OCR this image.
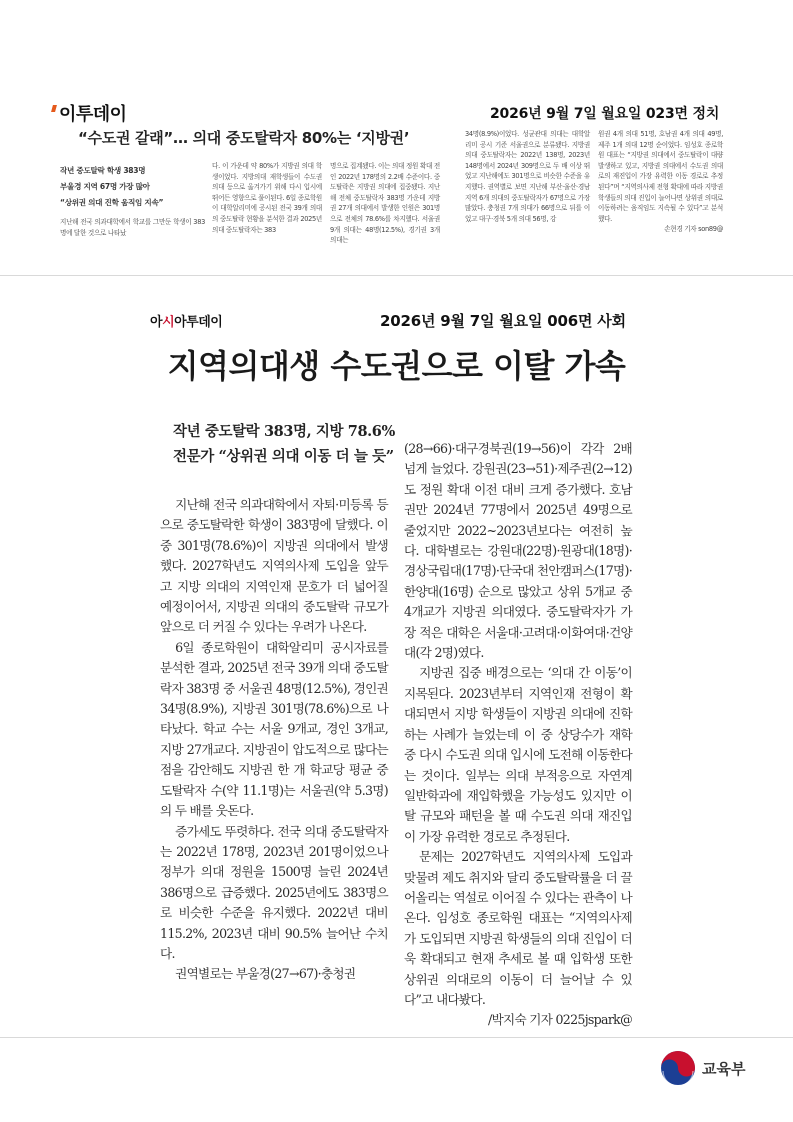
이투데이	2026년 9월 7일 월요일 023면 정치
“수도권 갈래”… 의대 중도탈락자 80%는 ‘지방권’
작년 중도탈락 학생 383명
부울경 지역 67명 가장 많아
“상위권 의대 진학 움직임 지속”
지난해 전국 의과대학에서 학교를 그만둔 학생이 383명에 달한 것으로 나타났
다. 이 가운데 약 80%가 지방권 의대 학생이었다. 지방의대 재학생들이 수도권 의대 등으로 옮겨가기 위해 다시 입시에 뛰어든 영향으로 풀이된다. 6일 종로학원이 대학알리미에 공시된 전국 39개 의대의 중도탈락 현황을 분석한 결과 2025년 의대 중도탈락자는 383
명으로 집계됐다. 이는 의대 정원 확대 전인 2022년 178명의 2.2배 수준이다. 중도탈락은 지방권 의대에 집중됐다. 지난해 전체 중도탈락자 383명 가운데 지방권 27개 의대에서 발생한 인원은 301명으로 전체의 78.6%를 차지했다. 서울권 9개 의대는 48명(12.5%), 경기권 3개 의대는
34명(8.9%)이었다. 성균관대 의대는 대학알리미 공시 기준 서울권으로 분류됐다. 지방권 의대 중도탈락자는 2022년 138명, 2023년 148명에서 2024년 309명으로 두 배 이상 뛰었고 지난해에도 301명으로 비슷한 수준을 유지했다. 권역별로 보면 지난해 부산·울산·경남 지역 6개 의대의 중도탈락자가 67명으로 가장 많았다. 충청권 7개 의대가 66명으로 뒤를 이었고 대구·경북 5개 의대 56명, 강
원권 4개 의대 51명, 호남권 4개 의대 49명, 제주 1개 의대 12명 순이었다. 임성호 종로학원 대표는 “지방권 의대에서 중도탈락이 대량 발생하고 있고, 지방권 의대에서 수도권 의대로의 재진입이 가장 유력한 이동 경로로 추정된다”며 “지역의사제 전형 확대에 따라 지방권 학생들의 의대 진입이 늘어나면 상위권 의대로 이동하려는 움직임도 지속될 수 있다”고 분석했다.
손현경 기자 son89@
아시아투데이	2026년 9월 7일 월요일 006면 사회
지역의대생 수도권으로 이탈 가속
작년 중도탈락 383명, 지방 78.6%
전문가 “상위권 의대 이동 더 늘 듯”

지난해 전국 의과대학에서 자퇴·미등록 등으로 중도탈락한 학생이 383명에 달했다. 이 중 301명(78.6%)이 지방권 의대에서 발생했다. 2027학년도 지역의사제 도입을 앞두고 지방 의대의 지역인재 문호가 더 넓어질 예정이어서, 지방권 의대의 중도탈락 규모가 앞으로 더 커질 수 있다는 우려가 나온다.

6일 종로학원이 대학알리미 공시자료를 분석한 결과, 2025년 전국 39개 의대 중도탈락자 383명 중 서울권 48명(12.5%), 경인권 34명(8.9%), 지방권 301명(78.6%)으로 나타났다. 학교 수는 서울 9개교, 경인 3개교, 지방 27개교다. 지방권이 압도적으로 많다는 점을 감안해도 지방권 한 개 학교당 평균 중도탈락자 수(약 11.1명)는 서울권(약 5.3명)의 두 배를 웃돈다.

증가세도 뚜렷하다. 전국 의대 중도탈락자는 2022년 178명, 2023년 201명이었으나 정부가 의대 정원을 1500명 늘린 2024년 386명으로 급증했다. 2025년에도 383명으로 비슷한 수준을 유지했다. 2022년 대비 115.2%, 2023년 대비 90.5% 늘어난 수치다.

권역별로는 부울경(27→67)·충청권

(28→66)·대구경북권(19→56)이 각각 2배 넘게 늘었다. 강원권(23→51)·제주권(2→12)도 정원 확대 이전 대비 크게 증가했다. 호남권만 2024년 77명에서 2025년 49명으로 줄었지만 2022~2023년보다는 여전히 높다. 대학별로는 강원대(22명)·원광대(18명)·경상국립대(17명)·단국대 천안캠퍼스(17명)·한양대(16명) 순으로 많았고 상위 5개교 중 4개교가 지방권 의대였다. 중도탈락자가 가장 적은 대학은 서울대·고려대·이화여대·건양대(각 2명)였다.

지방권 집중 배경으로는 ‘의대 간 이동’이 지목된다. 2023년부터 지역인재 전형이 확대되면서 지방 학생들이 지방권 의대에 진학하는 사례가 늘었는데 이 중 상당수가 재학 중 다시 수도권 의대 입시에 도전해 이동한다는 것이다. 일부는 의대 부적응으로 자연계 일반학과에 재입학했을 가능성도 있지만 이탈 규모와 패턴을 볼 때 수도권 의대 재진입이 가장 유력한 경로로 추정된다.

문제는 2027학년도 지역의사제 도입과 맞물려 제도 취지와 달리 중도탈락률을 더 끌어올리는 역설로 이어질 수 있다는 관측이 나온다. 임성호 종로학원 대표는 “지역의사제가 도입되면 지방권 학생들의 의대 진입이 더욱 확대되고 현재 추세로 볼 때 입학생 또한 상위권 의대로의 이동이 더 늘어날 수 있다”고 내다봤다.

/박지숙 기자 0225jspark@

교육부
